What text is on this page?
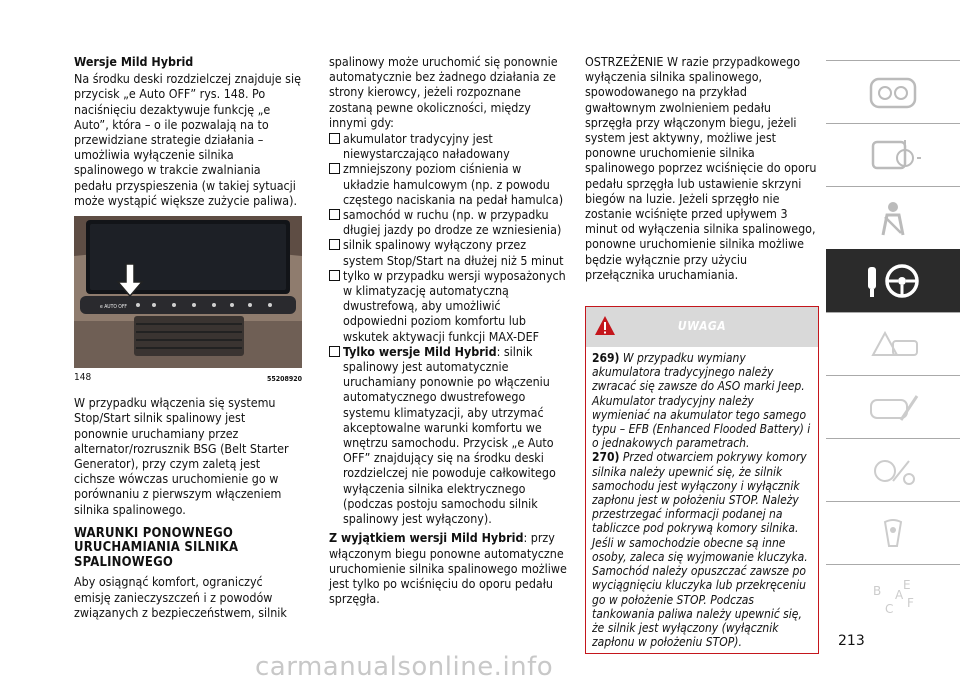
Wersje Mild Hybrid

Na środku deski rozdzielczej znajduje się przycisk „e Auto OFF” rys. 148. Po naciśnięciu dezaktywuje funkcję „e Auto”, która – o ile pozwalają na to przewidziane strategie działania – umożliwia wyłączenie silnika spalinowego w trakcie zwalniania pedału przyspieszenia (w takiej sytuacji może wystąpić większe zużycie paliwa).

e AUTO OFF
148	55208920

W przypadku włączenia się systemu Stop/Start silnik spalinowy jest ponownie uruchamiany przez alternator/rozrusznik BSG (Belt Starter Generator), przy czym zaletą jest cichsze wówczas uruchomienie go w porównaniu z pierwszym włączeniem silnika spalinowego.

WARUNKI PONOWNEGO URUCHAMIANIA SILNIKA SPALINOWEGO

Aby osiągnąć komfort, ograniczyć emisję zanieczyszczeń i z powodów związanych z bezpieczeństwem, silnik

spalinowy może uruchomić się ponownie automatycznie bez żadnego działania ze strony kierowcy, jeżeli rozpoznane zostaną pewne okoliczności, między innymi gdy:

akumulator tradycyjny jest niewystarczająco naładowany
zmniejszony poziom ciśnienia w układzie hamulcowym (np. z powodu częstego naciskania na pedał hamulca)
samochód w ruchu (np. w przypadku długiej jazdy po drodze ze wzniesienia)
silnik spalinowy wyłączony przez system Stop/Start na dłużej niż 5 minut
tylko w przypadku wersji wyposażonych w klimatyzację automatyczną dwustrefową, aby umożliwić odpowiedni poziom komfortu lub wskutek aktywacji funkcji MAX-DEF
Tylko wersje Mild Hybrid: silnik spalinowy jest automatycznie uruchamiany ponownie po włączeniu automatycznego dwustrefowego systemu klimatyzacji, aby utrzymać akceptowalne warunki komfortu we wnętrzu samochodu. Przycisk „e Auto OFF” znajdujący się na środku deski rozdzielczej nie powoduje całkowitego wyłączenia silnika elektrycznego (podczas postoju samochodu silnik spalinowy jest wyłączony).

Z wyjątkiem wersji Mild Hybrid: przy włączonym biegu ponowne automatyczne uruchomienie silnika spalinowego możliwe jest tylko po wciśnięciu do oporu pedału sprzęgła.

OSTRZEŻENIE W razie przypadkowego wyłączenia silnika spalinowego, spowodowanego na przykład gwałtownym zwolnieniem pedału sprzęgła przy włączonym biegu, jeżeli system jest aktywny, możliwe jest ponowne uruchomienie silnika spalinowego poprzez wciśnięcie do oporu pedału sprzęgła lub ustawienie skrzyni biegów na luzie. Jeżeli sprzęgło nie zostanie wciśnięte przed upływem 3 minut od wyłączenia silnika spalinowego, ponowne uruchomienie silnika możliwe będzie wyłącznie przy użyciu przełącznika uruchamiania.

UWAGA
269) W przypadku wymiany akumulatora tradycyjnego należy zwracać się zawsze do ASO marki Jeep. Akumulator tradycyjny należy wymieniać na akumulator tego samego typu – EFB (Enhanced Flooded Battery) i o jednakowych parametrach.
270) Przed otwarciem pokrywy komory silnika należy upewnić się, że silnik samochodu jest wyłączony i wyłącznik zapłonu jest w położeniu STOP. Należy przestrzegać informacji podanej na tabliczce pod pokrywą komory silnika. Jeśli w samochodzie obecne są inne osoby, zaleca się wyjmowanie kluczyka. Samochód należy opuszczać zawsze po wyciągnięciu kluczyka lub przekręceniu go w położenie STOP. Podczas tankowania paliwa należy upewnić się, że silnik jest wyłączony (wyłącznik zapłonu w położeniu STOP).
B E
C F
A
213
carmanualsonline.info
